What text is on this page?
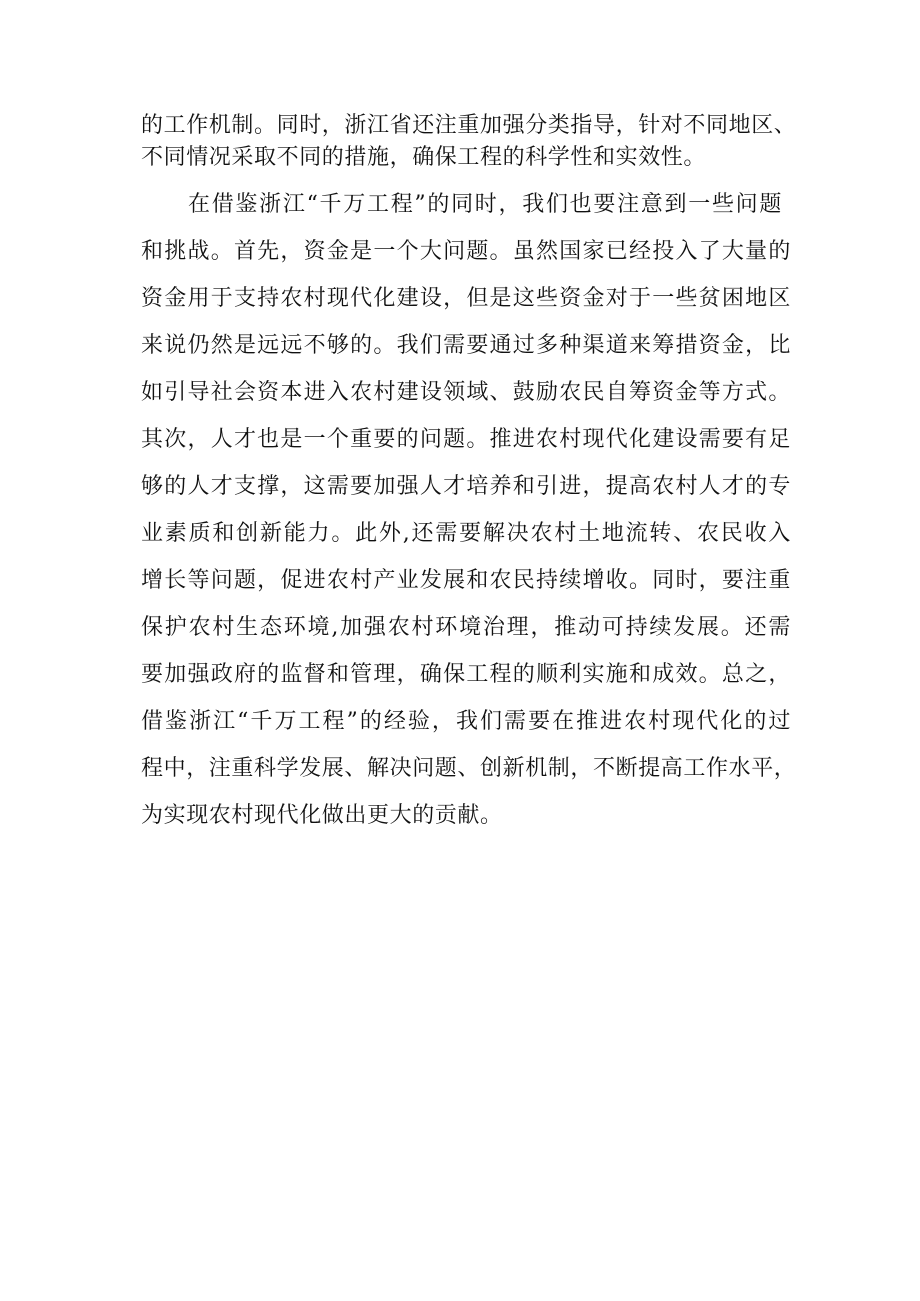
的工作机制。同时，浙江省还注重加强分类指导，针对不同地区、
不同情况采取不同的措施，确保工程的科学性和实效性。
在借鉴浙江“千万工程”的同时，我们也要注意到一些问题
和挑战。首先，资金是一个大问题。虽然国家已经投入了大量的
资金用于支持农村现代化建设，但是这些资金对于一些贫困地区
来说仍然是远远不够的。我们需要通过多种渠道来筹措资金，比
如引导社会资本进入农村建设领域、鼓励农民自筹资金等方式。
其次，人才也是一个重要的问题。推进农村现代化建设需要有足
够的人才支撑，这需要加强人才培养和引进，提高农村人才的专
业素质和创新能力。此外,还需要解决农村土地流转、农民收入
增长等问题，促进农村产业发展和农民持续增收。同时，要注重
保护农村生态环境,加强农村环境治理，推动可持续发展。还需
要加强政府的监督和管理，确保工程的顺利实施和成效。总之，
借鉴浙江“千万工程”的经验，我们需要在推进农村现代化的过
程中，注重科学发展、解决问题、创新机制，不断提高工作水平，
为实现农村现代化做出更大的贡献。
